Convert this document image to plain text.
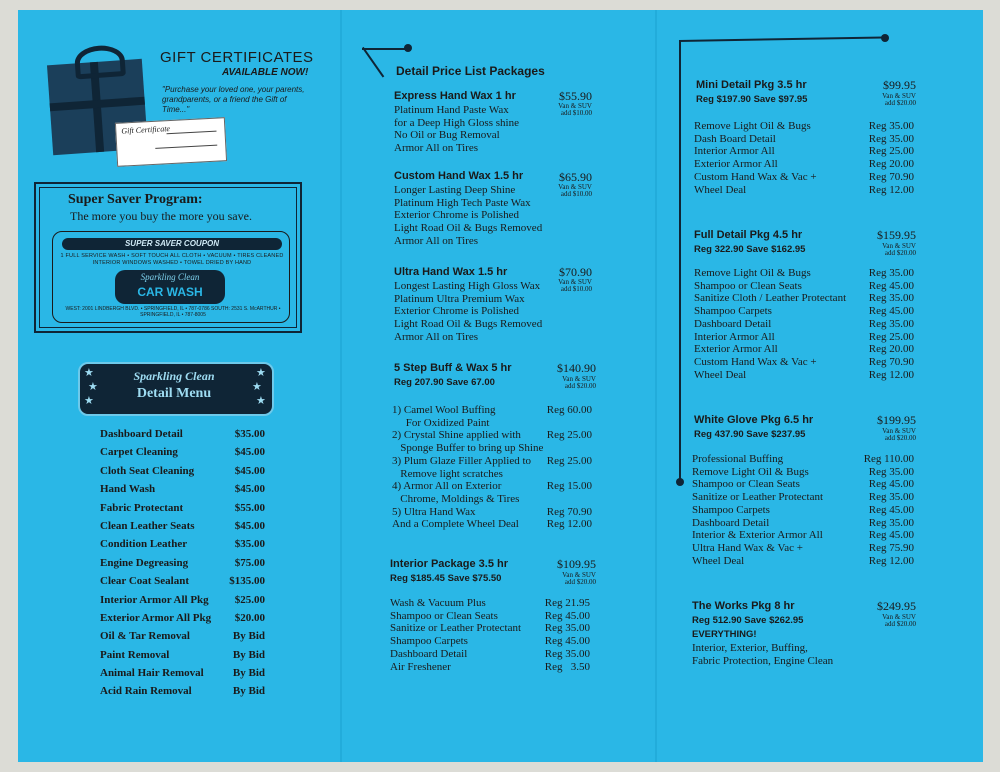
Gift Certificate
GIFT CERTIFICATES
AVAILABLE NOW!
"Purchase your loved one, your parents, grandparents, or a friend the Gift of Time..."
Super Saver Program:
The more you buy the more you save.
SUPER SAVER COUPON
1 FULL SERVICE WASH • SOFT TOUCH ALL CLOTH • VACUUM • TIRES CLEANED INTERIOR WINDOWS WASHED • TOWEL DRIED BY HAND
Sparkling Clean
CAR WASH
WEST: 2001 LINDBERGH BLVD. • SPRINGFIELD, IL • 787-0786 SOUTH: 2531 S. McARTHUR • SPRINGFIELD, IL • 787-8005
★
★
★
★
★
★
Sparkling Clean
Detail Menu
Dashboard Detail	$35.00
Carpet Cleaning	$45.00
Cloth Seat Cleaning	$45.00
Hand Wash	$45.00
Fabric Protectant	$55.00
Clean Leather Seats	$45.00
Condition Leather	$35.00
Engine Degreasing	$75.00
Clear Coat Sealant	$135.00
Interior Armor All Pkg $25.00
Exterior Armor All Pkg $20.00
Oil & Tar Removal	By Bid
Paint Removal	By Bid
Animal Hair Removal	By Bid
Acid Rain Removal	By Bid
Detail Price List Packages
Express Hand Wax 1 hr	$55.90
Van & SUV
add $10.00
Platinum Hand Paste Wax
for a Deep High Gloss shine
No Oil or Bug Removal
Armor All on Tires
Custom Hand Wax 1.5 hr	$65.90
Van & SUV
add $10.00
Longer Lasting Deep Shine
Platinum High Tech Paste Wax
Exterior Chrome is Polished
Light Road Oil & Bugs Removed
Armor All on Tires
Ultra Hand Wax 1.5 hr	$70.90
Van & SUV
add $10.00
Longest Lasting High Gloss Wax
Platinum Ultra Premium Wax
Exterior Chrome is Polished
Light Road Oil & Bugs Removed
Armor All on Tires
5 Step Buff & Wax 5 hr
Reg 207.90 Save 67.00
$140.90
Van & SUV
add $20.00
1) Camel Wool Buffing	Reg 60.00
For Oxidized Paint
2) Crystal Shine applied with Reg 25.00
Sponge Buffer to bring up Shine
3) Plum Glaze Filler Applied to Reg 25.00
Remove light scratches
4) Armor All on Exterior	Reg 15.00
Chrome, Moldings & Tires
5) Ultra Hand Wax	Reg 70.90
And a Complete Wheel Deal	Reg 12.00
Interior Package 3.5 hr
Reg $185.45 Save $75.50
$109.95
Van & SUV
add $20.00
Wash & Vacuum Plus	Reg 21.95
Shampoo or Clean Seats	Reg 45.00
Sanitize or Leather Protectant Reg 35.00
Shampoo Carpets	Reg 45.00
Dashboard Detail	Reg 35.00
Air Freshener	Reg   3.50
Mini Detail Pkg 3.5 hr
Reg $197.90 Save $97.95
$99.95
Van & SUV
add $20.00
Remove Light Oil & Bugs	Reg 35.00
Dash Board Detail	Reg 35.00
Interior Armor All	Reg 25.00
Exterior Armor All	Reg 20.00
Custom Hand Wax & Vac +	Reg 70.90
Wheel Deal	Reg 12.00
Full Detail Pkg 4.5 hr
Reg 322.90 Save $162.95
$159.95
Van & SUV
add $20.00
Remove Light Oil & Bugs	Reg 35.00
Shampoo or Clean Seats	Reg 45.00
Sanitize Cloth / Leather Protectant Reg 35.00
Shampoo Carpets	Reg 45.00
Dashboard Detail	Reg 35.00
Interior Armor All	Reg 25.00
Exterior Armor All	Reg 20.00
Custom Hand Wax & Vac +	Reg 70.90
Wheel Deal	Reg 12.00
White Glove Pkg 6.5 hr
Reg 437.90 Save $237.95
$199.95
Van & SUV
add $20.00
Professional Buffing	Reg 110.00
Remove Light Oil & Bugs	Reg 35.00
Shampoo or Clean Seats	Reg 45.00
Sanitize or Leather Protectant	Reg 35.00
Shampoo Carpets	Reg 45.00
Dashboard Detail	Reg 35.00
Interior & Exterior Armor All	Reg 45.00
Ultra Hand Wax & Vac +	Reg 75.90
Wheel Deal	Reg 12.00
The Works Pkg 8 hr
Reg 512.90 Save $262.95
EVERYTHING!
$249.95
Van & SUV
add $20.00
Interior, Exterior, Buffing,
Fabric Protection, Engine Clean
